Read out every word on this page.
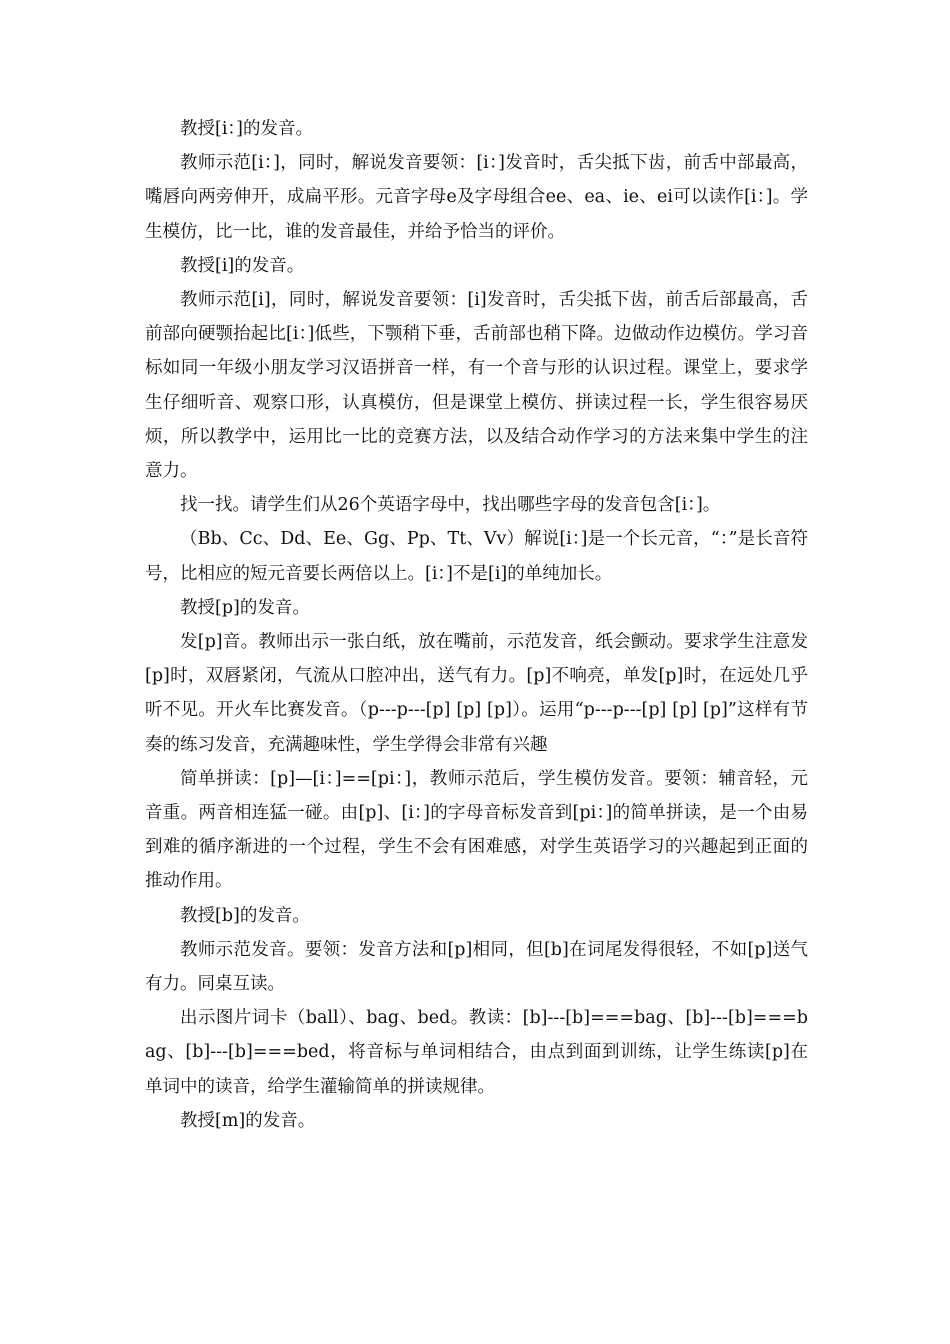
教授[i：]的发音。

教师示范[i：]，同时，解说发音要领：[i：]发音时，舌尖抵下齿，前舌中部最高，嘴唇向两旁伸开，成扁平形。元音字母e及字母组合ee、ea、ie、ei可以读作[i：]。学生模仿，比一比，谁的发音最佳，并给予恰当的评价。

教授[i]的发音。

教师示范[i]，同时，解说发音要领：[i]发音时，舌尖抵下齿，前舌后部最高，舌前部向硬颚抬起比[i：]低些，下颚稍下垂，舌前部也稍下降。边做动作边模仿。学习音标如同一年级小朋友学习汉语拼音一样，有一个音与形的认识过程。课堂上，要求学生仔细听音、观察口形，认真模仿，但是课堂上模仿、拼读过程一长，学生很容易厌烦，所以教学中，运用比一比的竞赛方法，以及结合动作学习的方法来集中学生的注意力。

找一找。请学生们从26个英语字母中，找出哪些字母的发音包含[i：]。

（Bb、Cc、Dd、Ee、Gg、Pp、Tt、Vv）解说[i：]是一个长元音，“：”是长音符号，比相应的短元音要长两倍以上。[i：]不是[i]的单纯加长。

教授[p]的发音。

发[p]音。教师出示一张白纸，放在嘴前，示范发音，纸会颤动。要求学生注意发[p]时，双唇紧闭，气流从口腔冲出，送气有力。[p]不响亮，单发[p]时，在远处几乎听不见。开火车比赛发音。（p---p---[p] [p] [p]）。运用“p---p---[p] [p] [p]”这样有节奏的练习发音，充满趣味性，学生学得会非常有兴趣

简单拼读：[p]—[i：]==[pi：]，教师示范后，学生模仿发音。要领：辅音轻，元音重。两音相连猛一碰。由[p]、[i：]的字母音标发音到[pi：]的简单拼读，是一个由易到难的循序渐进的一个过程，学生不会有困难感，对学生英语学习的兴趣起到正面的推动作用。

教授[b]的发音。

教师示范发音。要领：发音方法和[p]相同，但[b]在词尾发得很轻，不如[p]送气有力。同桌互读。

出示图片词卡（ball）、bag、bed。教读：[b]---[b]===bag、[b]---[b]===bag、[b]---[b]===bed，将音标与单词相结合，由点到面到训练，让学生练读[p]在单词中的读音，给学生灌输简单的拼读规律。

教授[m]的发音。
